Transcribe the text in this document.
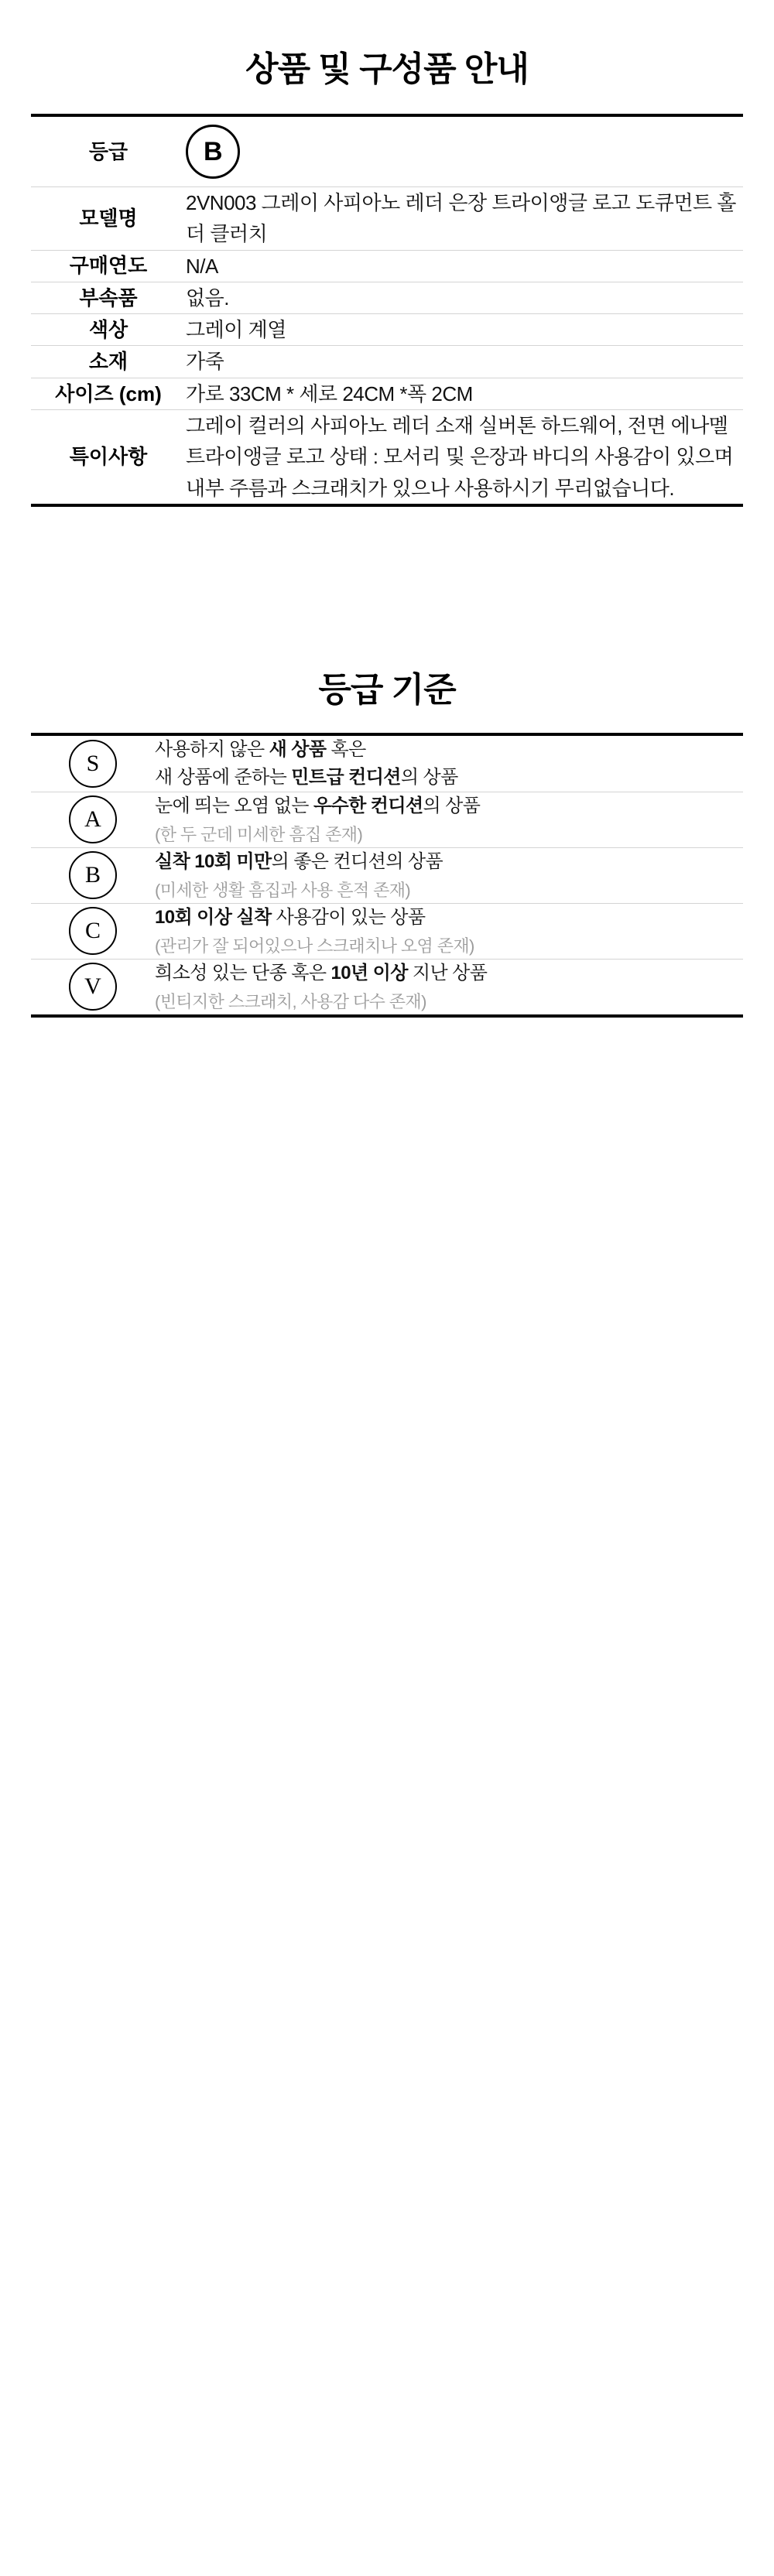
상품 및 구성품 안내
등급	B

모델명	2VN003 그레이 사피아노 레더 은장 트라이앵글 로고 도큐먼트 홀더 클러치
구매연도	N/A
부속품	없음.
색상	그레이 계열
소재	가죽
사이즈 (cm)	가로 33CM * 세로 24CM *폭 2CM
특이사항	그레이 컬러의 사피아노 레더 소재 실버톤 하드웨어, 전면 에나멜 트라이앵글 로고 상태 : 모서리 및 은장과 바디의 사용감이 있으며 내부 주름과 스크래치가 있으나 사용하시기 무리없습니다.
등급 기준
S	사용하지 않은 새 상품 혹은
새 상품에 준하는 민트급 컨디션의 상품

A	눈에 띄는 오염 없는 우수한 컨디션의 상품
(한 두 군데 미세한 흠집 존재)

B	실착 10회 미만의 좋은 컨디션의 상품
(미세한 생활 흠집과 사용 흔적 존재)

C	10회 이상 실착 사용감이 있는 상품
(관리가 잘 되어있으나 스크래치나 오염 존재)

V	희소성 있는 단종 혹은 10년 이상 지난 상품
(빈티지한 스크래치, 사용감 다수 존재)
